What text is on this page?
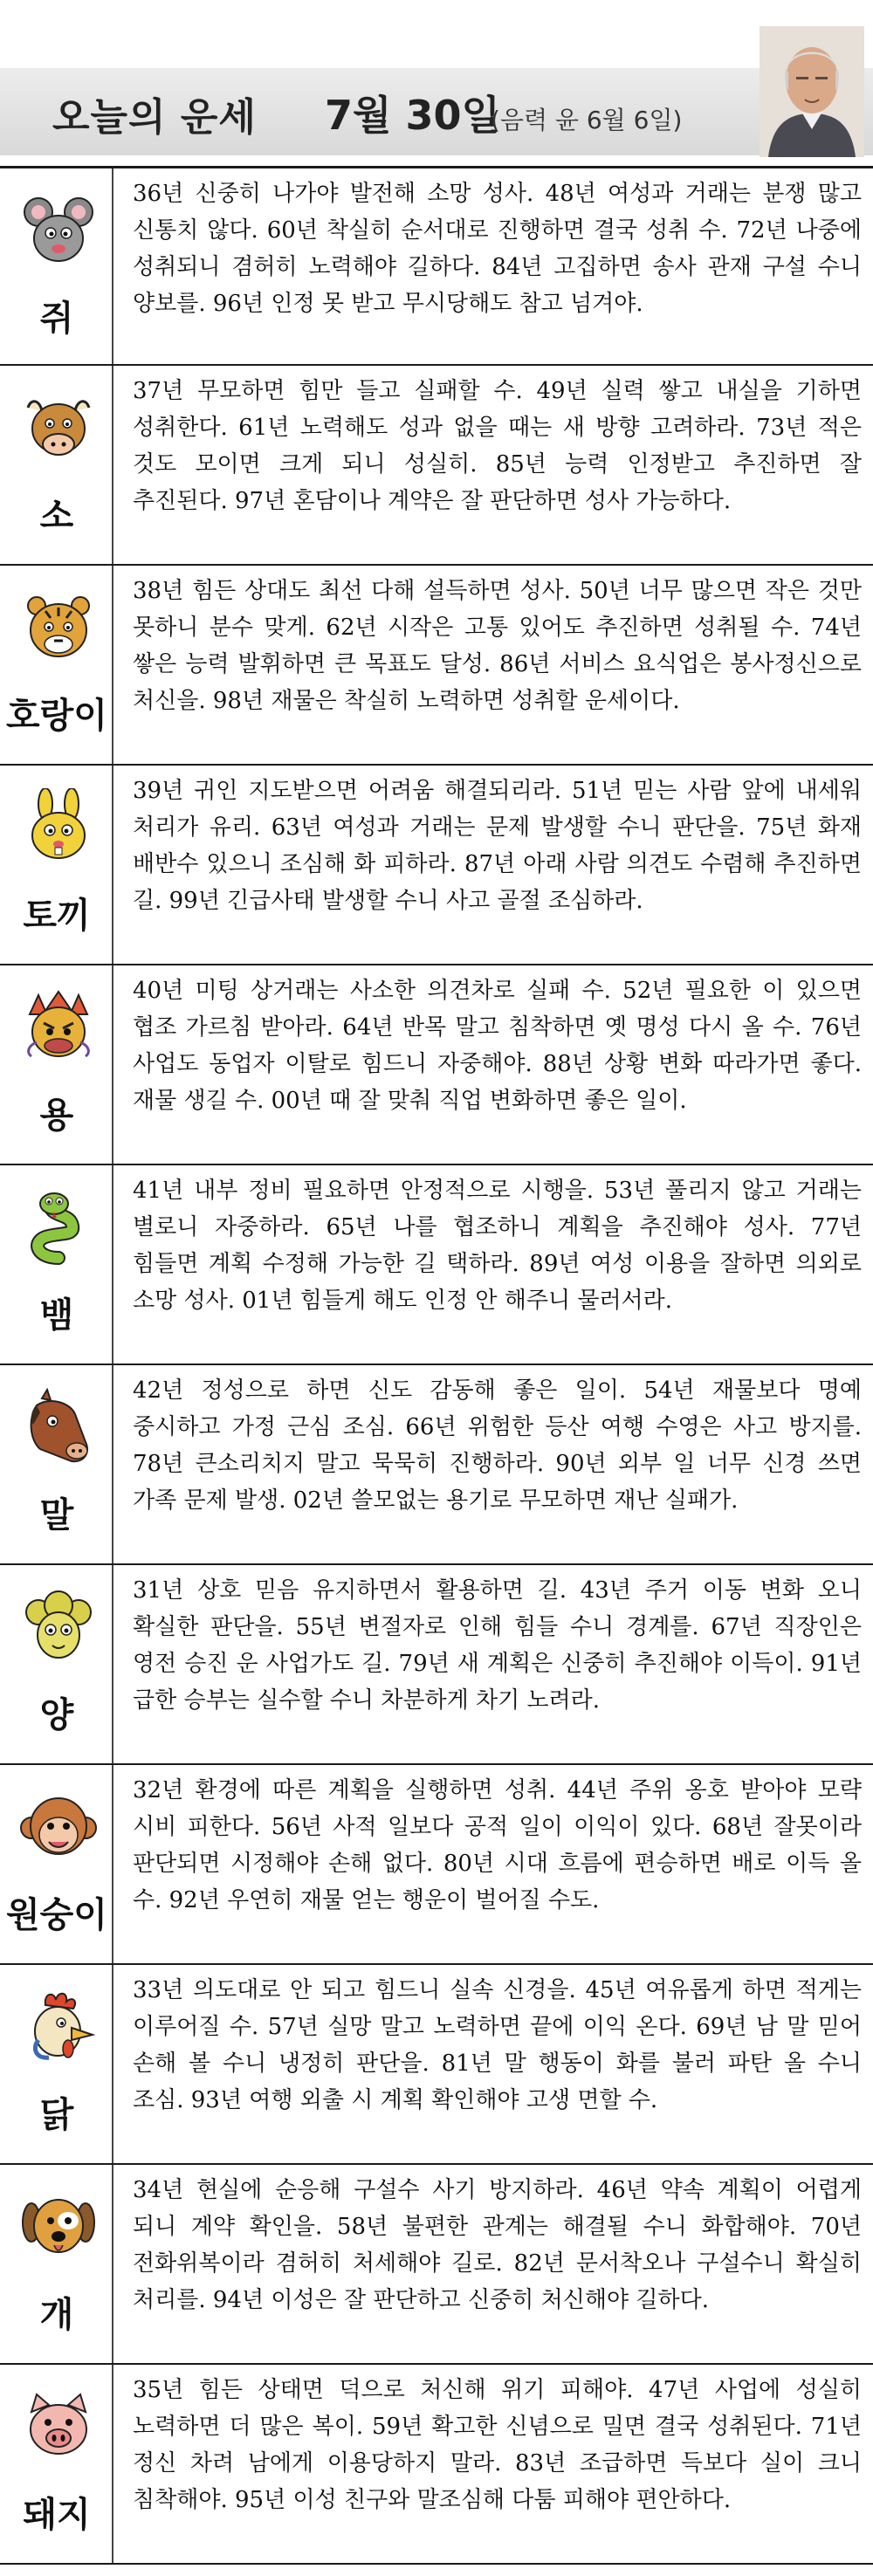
오늘의 운세 7월 30일
(음력 윤 6월 6일)
쥐
36년 신중히 나가야 발전해 소망 성사. 48년 여성과 거래는 분쟁 많고 신통치 않다. 60년 착실히 순서대로 진행하면 결국 성취 수. 72년 나중에 성취되니 겸허히 노력해야 길하다. 84년 고집하면 송사 관재 구설 수니 양보를. 96년 인정 못 받고 무시당해도 참고 넘겨야.
소
37년 무모하면 힘만 들고 실패할 수. 49년 실력 쌓고 내실을 기하면 성취한다. 61년 노력해도 성과 없을 때는 새 방향 고려하라. 73년 적은 것도 모이면 크게 되니 성실히. 85년 능력 인정받고 추진하면 잘 추진된다. 97년 혼담이나 계약은 잘 판단하면 성사 가능하다.
호랑이
38년 힘든 상대도 최선 다해 설득하면 성사. 50년 너무 많으면 작은 것만 못하니 분수 맞게. 62년 시작은 고통 있어도 추진하면 성취될 수. 74년 쌓은 능력 발휘하면 큰 목표도 달성. 86년 서비스 요식업은 봉사정신으로 처신을. 98년 재물은 착실히 노력하면 성취할 운세이다.
토끼
39년 귀인 지도받으면 어려움 해결되리라. 51년 믿는 사람 앞에 내세워 처리가 유리. 63년 여성과 거래는 문제 발생할 수니 판단을. 75년 화재 배반수 있으니 조심해 화 피하라. 87년 아래 사람 의견도 수렴해 추진하면 길. 99년 긴급사태 발생할 수니 사고 골절 조심하라.
용
40년 미팅 상거래는 사소한 의견차로 실패 수. 52년 필요한 이 있으면 협조 가르침 받아라. 64년 반목 말고 침착하면 옛 명성 다시 올 수. 76년 사업도 동업자 이탈로 힘드니 자중해야. 88년 상황 변화 따라가면 좋다. 재물 생길 수. 00년 때 잘 맞춰 직업 변화하면 좋은 일이.
뱀
41년 내부 정비 필요하면 안정적으로 시행을. 53년 풀리지 않고 거래는 별로니 자중하라. 65년 나를 협조하니 계획을 추진해야 성사. 77년 힘들면 계획 수정해 가능한 길 택하라. 89년 여성 이용을 잘하면 의외로 소망 성사. 01년 힘들게 해도 인정 안 해주니 물러서라.
말
42년 정성으로 하면 신도 감동해 좋은 일이. 54년 재물보다 명예 중시하고 가정 근심 조심. 66년 위험한 등산 여행 수영은 사고 방지를. 78년 큰소리치지 말고 묵묵히 진행하라. 90년 외부 일 너무 신경 쓰면 가족 문제 발생. 02년 쓸모없는 용기로 무모하면 재난 실패가.
양
31년 상호 믿음 유지하면서 활용하면 길. 43년 주거 이동 변화 오니 확실한 판단을. 55년 변절자로 인해 힘들 수니 경계를. 67년 직장인은 영전 승진 운 사업가도 길. 79년 새 계획은 신중히 추진해야 이득이. 91년 급한 승부는 실수할 수니 차분하게 차기 노려라.
원숭이
32년 환경에 따른 계획을 실행하면 성취. 44년 주위 옹호 받아야 모략 시비 피한다. 56년 사적 일보다 공적 일이 이익이 있다. 68년 잘못이라 판단되면 시정해야 손해 없다. 80년 시대 흐름에 편승하면 배로 이득 올 수. 92년 우연히 재물 얻는 행운이 벌어질 수도.
닭
33년 의도대로 안 되고 힘드니 실속 신경을. 45년 여유롭게 하면 적게는 이루어질 수. 57년 실망 말고 노력하면 끝에 이익 온다. 69년 남 말 믿어 손해 볼 수니 냉정히 판단을. 81년 말 행동이 화를 불러 파탄 올 수니 조심. 93년 여행 외출 시 계획 확인해야 고생 면할 수.
개
34년 현실에 순응해 구설수 사기 방지하라. 46년 약속 계획이 어렵게 되니 계약 확인을. 58년 불편한 관계는 해결될 수니 화합해야. 70년 전화위복이라 겸허히 처세해야 길로. 82년 문서착오나 구설수니 확실히 처리를. 94년 이성은 잘 판단하고 신중히 처신해야 길하다.
돼지
35년 힘든 상태면 덕으로 처신해 위기 피해야. 47년 사업에 성실히 노력하면 더 많은 복이. 59년 확고한 신념으로 밀면 결국 성취된다. 71년 정신 차려 남에게 이용당하지 말라. 83년 조급하면 득보다 실이 크니 침착해야. 95년 이성 친구와 말조심해 다툼 피해야 편안하다.
